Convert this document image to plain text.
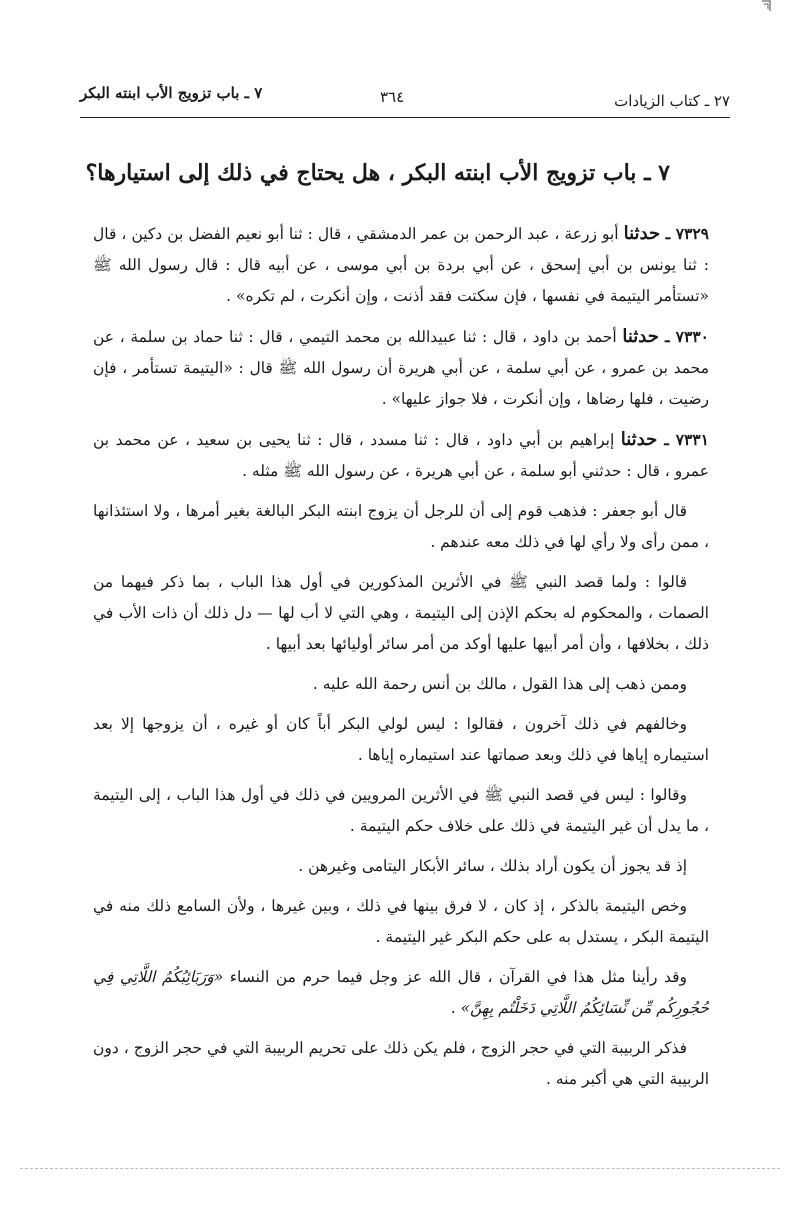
٧ ـ باب تزويج الأب ابنته البكر	٣٦٤	٢٧ ـ كتاب الزيادات
٧ ـ باب تزويج الأب ابنته البكر ، هل يحتاج في ذلك إلى استيارها؟

٧٣٢٩ ـ حدثنا أبو زرعة ، عبد الرحمن بن عمر الدمشقي ، قال : ثنا أبو نعيم الفضل بن دكين ، قال : ثنا يونس بن أبي إسحق ، عن أبي بردة بن أبي موسى ، عن أبيه قال : قال رسول الله ﷺ «تستأمر اليتيمة في نفسها ، فإن سكتت فقد أذنت ، وإن أنكرت ، لم تكره» .

٧٣٣٠ ـ حدثنا أحمد بن داود ، قال : ثنا عبيدالله بن محمد التيمي ، قال : ثنا حماد بن سلمة ، عن محمد بن عمرو ، عن أبي سلمة ، عن أبي هريرة أن رسول الله ﷺ قال : «اليتيمة تستأمر ، فإن رضيت ، فلها رضاها ، وإن أنكرت ، فلا جواز عليها» .

٧٣٣١ ـ حدثنا إبراهيم بن أبي داود ، قال : ثنا مسدد ، قال : ثنا يحيى بن سعيد ، عن محمد بن عمرو ، قال : حدثني أبو سلمة ، عن أبي هريرة ، عن رسول الله ﷺ مثله .

قال أبو جعفر : فذهب قوم إلى أن للرجل أن يزوج ابنته البكر البالغة بغير أمرها ، ولا استئذانها ، ممن رأى ولا رأي لها في ذلك معه عندهم .

قالوا : ولما قصد النبي ﷺ في الأثرين المذكورين في أول هذا الباب ، بما ذكر فيهما من الصمات ، والمحكوم له بحكم الإذن إلى اليتيمة ، وهي التي لا أب لها — دل ذلك أن ذات الأب في ذلك ، بخلافها ، وأن أمر أبيها عليها أوكد من أمر سائر أوليائها بعد أبيها .

وممن ذهب إلى هذا القول ، مالك بن أنس رحمة الله عليه .

وخالفهم في ذلك آخرون ، فقالوا : ليس لولي البكر أباً كان أو غيره ، أن يزوجها إلا بعد استيماره إياها في ذلك وبعد صماتها عند استيماره إياها .

وقالوا : ليس في قصد النبي ﷺ في الأثرين المرويين في ذلك في أول هذا الباب ، إلى اليتيمة ، ما يدل أن غير اليتيمة في ذلك على خلاف حكم اليتيمة .

إذ قد يجوز أن يكون أراد بذلك ، سائر الأبكار اليتامى وغيرهن .

وخص اليتيمة بالذكر ، إذ كان ، لا فرق بينها في ذلك ، وبين غيرها ، ولأن السامع ذلك منه في اليتيمة البكر ، يستدل به على حكم البكر غير اليتيمة .

وقد رأينا مثل هذا في القرآن ، قال الله عز وجل فيما حرم من النساء «وَرَبَائِبُكُمُ اللَّاتِي فِي حُجُورِكُم مِّن نِّسَائِكُمُ اللَّاتِي دَخَلْتُم بِهِنَّ» .

فذكر الربيبة التي في حجر الزوج ، فلم يكن ذلك على تحريم الربيبة التي في حجر الزوج ، دون الربيبة التي هي أكبر منه .
